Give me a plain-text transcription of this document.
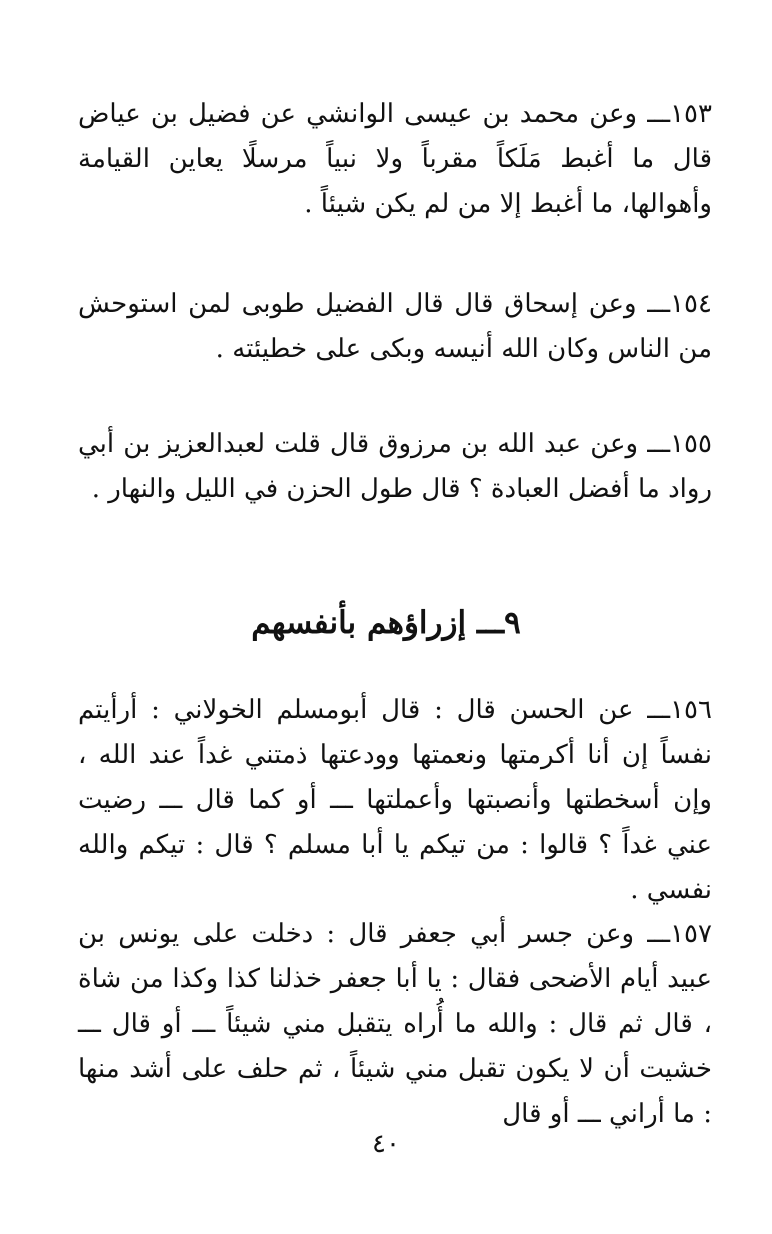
١٥٣ـــ وعن محمد بن عيسى الوانشي عن فضيل بن عياض قال ما أغبط مَلَكاً مقرباً ولا نبياً مرسلًا يعاين القيامة وأهوالها، ما أغبط إلا من لم يكن شيئاً .

١٥٤ـــ وعن إسحاق قال قال الفضيل طوبى لمن استوحش من الناس وكان الله أنيسه وبكى على خطيئته .

١٥٥ـــ وعن عبد الله بن مرزوق قال قلت لعبدالعزيز بن أبي رواد ما أفضل العبادة ؟ قال طول الحزن في الليل والنهار .

٩ـــ إزراؤهم بأنفسهم

١٥٦ـــ عن الحسن قال : قال أبومسلم الخولاني : أرأيتم نفساً إن أنا أكرمتها ونعمتها وودعتها ذمتني غداً عند الله ، وإن أسخطتها وأنصبتها وأعملتها ـــ أو كما قال ـــ رضيت عني غداً ؟ قالوا : من تيكم يا أبا مسلم ؟ قال : تيكم والله نفسي .

١٥٧ـــ وعن جسر أبي جعفر قال : دخلت على يونس بن عبيد أيام الأضحى فقال : يا أبا جعفر خذلنا كذا وكذا من شاة ، قال ثم قال : والله ما أُراه يتقبل مني شيئاً ـــ أو قال ـــ خشيت أن لا يكون تقبل مني شيئاً ، ثم حلف على أشد منها : ما أراني ـــ أو قال

٤٠
